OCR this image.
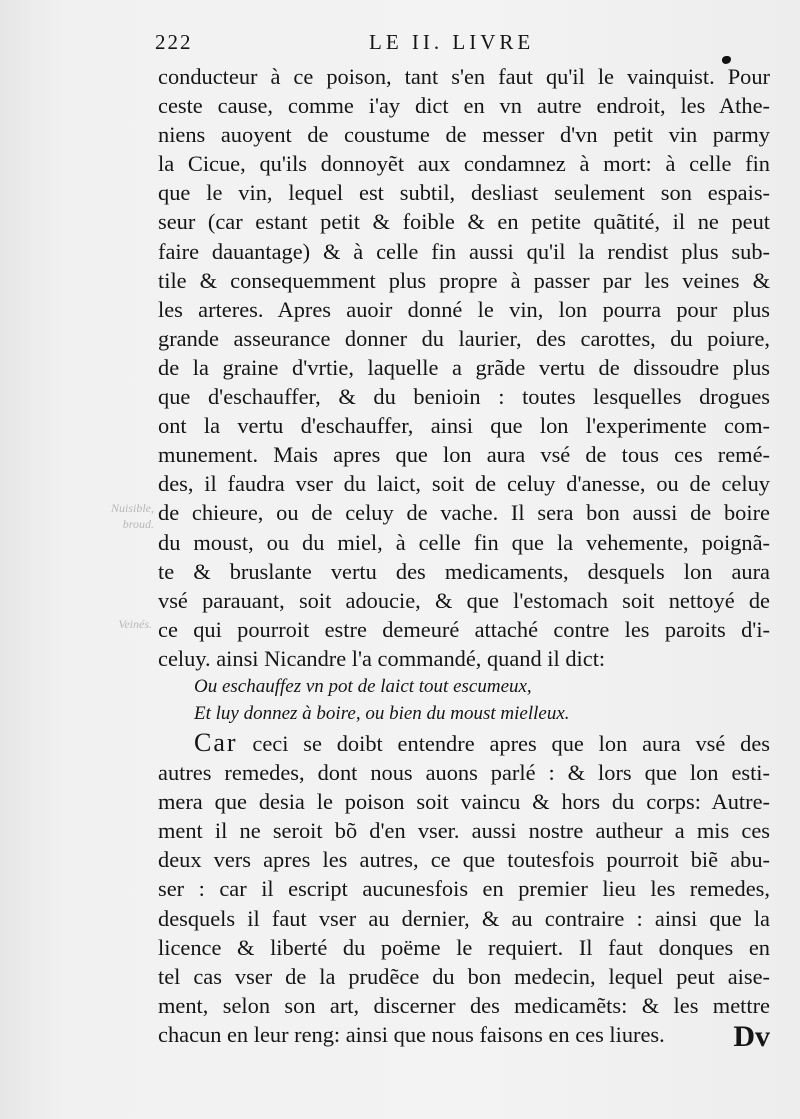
222	LE II. LIVRE
Nuisible, broud.
Veinés.
conducteur à ce poison, tant s'en faut qu'il le vainquist. Pour
ceste cause, comme i'ay dict en vn autre endroit, les Athe-
niens auoyent de coustume de messer d'vn petit vin parmy
la Cicue, qu'ils donnoyẽt aux condamnez à mort: à celle fin
que le vin, lequel est subtil, desliast seulement son espais-
seur (car estant petit & foible & en petite quãtité, il ne peut
faire dauantage) & à celle fin aussi qu'il la rendist plus sub-
tile & consequemment plus propre à passer par les veines &
les arteres. Apres auoir donné le vin, lon pourra pour plus
grande asseurance donner du laurier, des carottes, du poiure,
de la graine d'vrtie, laquelle a grãde vertu de dissoudre plus
que d'eschauffer, & du benioin : toutes lesquelles drogues
ont la vertu d'eschauffer, ainsi que lon l'experimente com-
munement. Mais apres que lon aura vsé de tous ces remé-
des, il faudra vser du laict, soit de celuy d'anesse, ou de celuy
de chieure, ou de celuy de vache. Il sera bon aussi de boire
du moust, ou du miel, à celle fin que la vehemente, poignã-
te & bruslante vertu des medicaments, desquels lon aura
vsé parauant, soit adoucie, & que l'estomach soit nettoyé de
ce qui pourroit estre demeuré attaché contre les paroits d'i-
celuy. ainsi Nicandre l'a commandé, quand il dict:
Ou eschauffez vn pot de laict tout escumeux,
Et luy donnez à boire, ou bien du moust mielleux.
Car ceci se doibt entendre apres que lon aura vsé des
autres remedes, dont nous auons parlé : & lors que lon esti-
mera que desia le poison soit vaincu & hors du corps: Autre-
ment il ne seroit bõ d'en vser. aussi nostre autheur a mis ces
deux vers apres les autres, ce que toutesfois pourroit biẽ abu-
ser : car il escript aucunesfois en premier lieu les remedes,
desquels il faut vser au dernier, & au contraire : ainsi que la
licence & liberté du poëme le requiert. Il faut donques en
tel cas vser de la prudẽce du bon medecin, lequel peut aise-
ment, selon son art, discerner des medicamẽts: & les mettre
chacun en leur reng: ainsi que nous faisons en ces liures.	Dv
